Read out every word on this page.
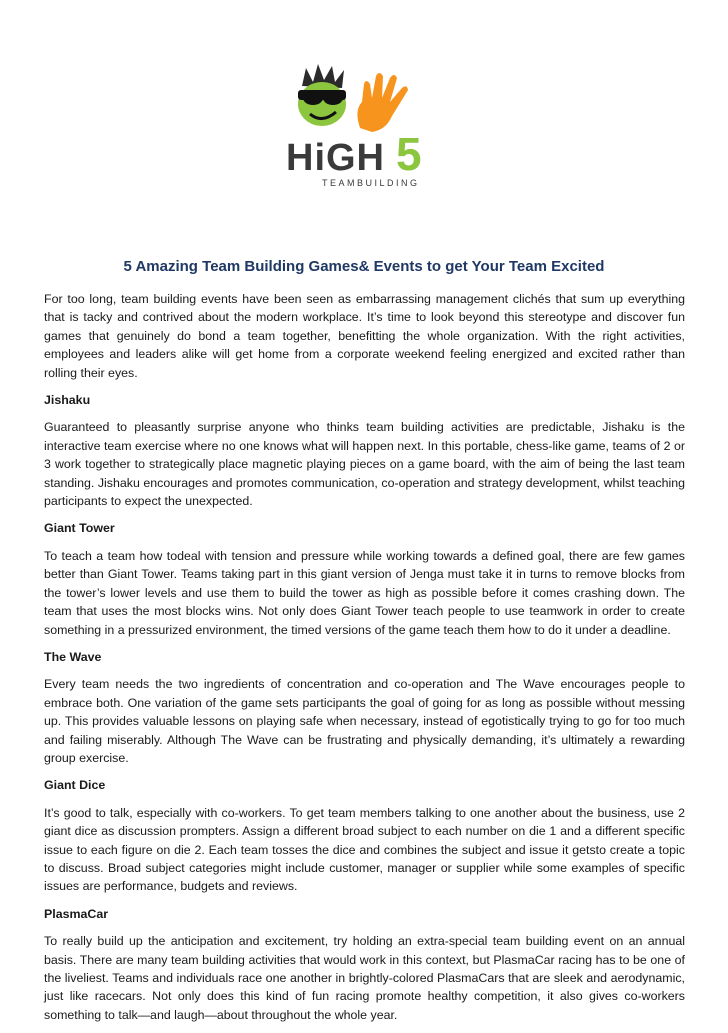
HiGH 5
TEAMBUILDING
5 Amazing Team Building Games& Events to get Your Team Excited

For too long, team building events have been seen as embarrassing management clichés that sum up everything that is tacky and contrived about the modern workplace. It’s time to look beyond this stereotype and discover fun games that genuinely do bond a team together, benefitting the whole organization. With the right activities, employees and leaders alike will get home from a corporate weekend feeling energized and excited rather than rolling their eyes.

Jishaku

Guaranteed to pleasantly surprise anyone who thinks team building activities are predictable, Jishaku is the interactive team exercise where no one knows what will happen next. In this portable, chess-like game, teams of 2 or 3 work together to strategically place magnetic playing pieces on a game board, with the aim of being the last team standing. Jishaku encourages and promotes communication, co-operation and strategy development, whilst teaching participants to expect the unexpected.

Giant Tower

To teach a team how todeal with tension and pressure while working towards a defined goal, there are few games better than Giant Tower. Teams taking part in this giant version of Jenga must take it in turns to remove blocks from the tower’s lower levels and use them to build the tower as high as possible before it comes crashing down. The team that uses the most blocks wins. Not only does Giant Tower teach people to use teamwork in order to create something in a pressurized environment, the timed versions of the game teach them how to do it under a deadline.

The Wave

Every team needs the two ingredients of concentration and co-operation and The Wave encourages people to embrace both. One variation of the game sets participants the goal of going for as long as possible without messing up. This provides valuable lessons on playing safe when necessary, instead of egotistically trying to go for too much and failing miserably. Although The Wave can be frustrating and physically demanding, it’s ultimately a rewarding group exercise.

Giant Dice

It’s good to talk, especially with co-workers. To get team members talking to one another about the business, use 2 giant dice as discussion prompters. Assign a different broad subject to each number on die 1 and a different specific issue to each figure on die 2. Each team tosses the dice and combines the subject and issue it getsto create a topic to discuss. Broad subject categories might include customer, manager or supplier while some examples of specific issues are performance, budgets and reviews.

PlasmaCar

To really build up the anticipation and excitement, try holding an extra-special team building event on an annual basis. There are many team building activities that would work in this context, but PlasmaCar racing has to be one of the liveliest. Teams and individuals race one another in brightly-colored PlasmaCars that are sleek and aerodynamic, just like racecars. Not only does this kind of fun racing promote healthy competition, it also gives co-workers something to talk—and laugh—about throughout the whole year.
